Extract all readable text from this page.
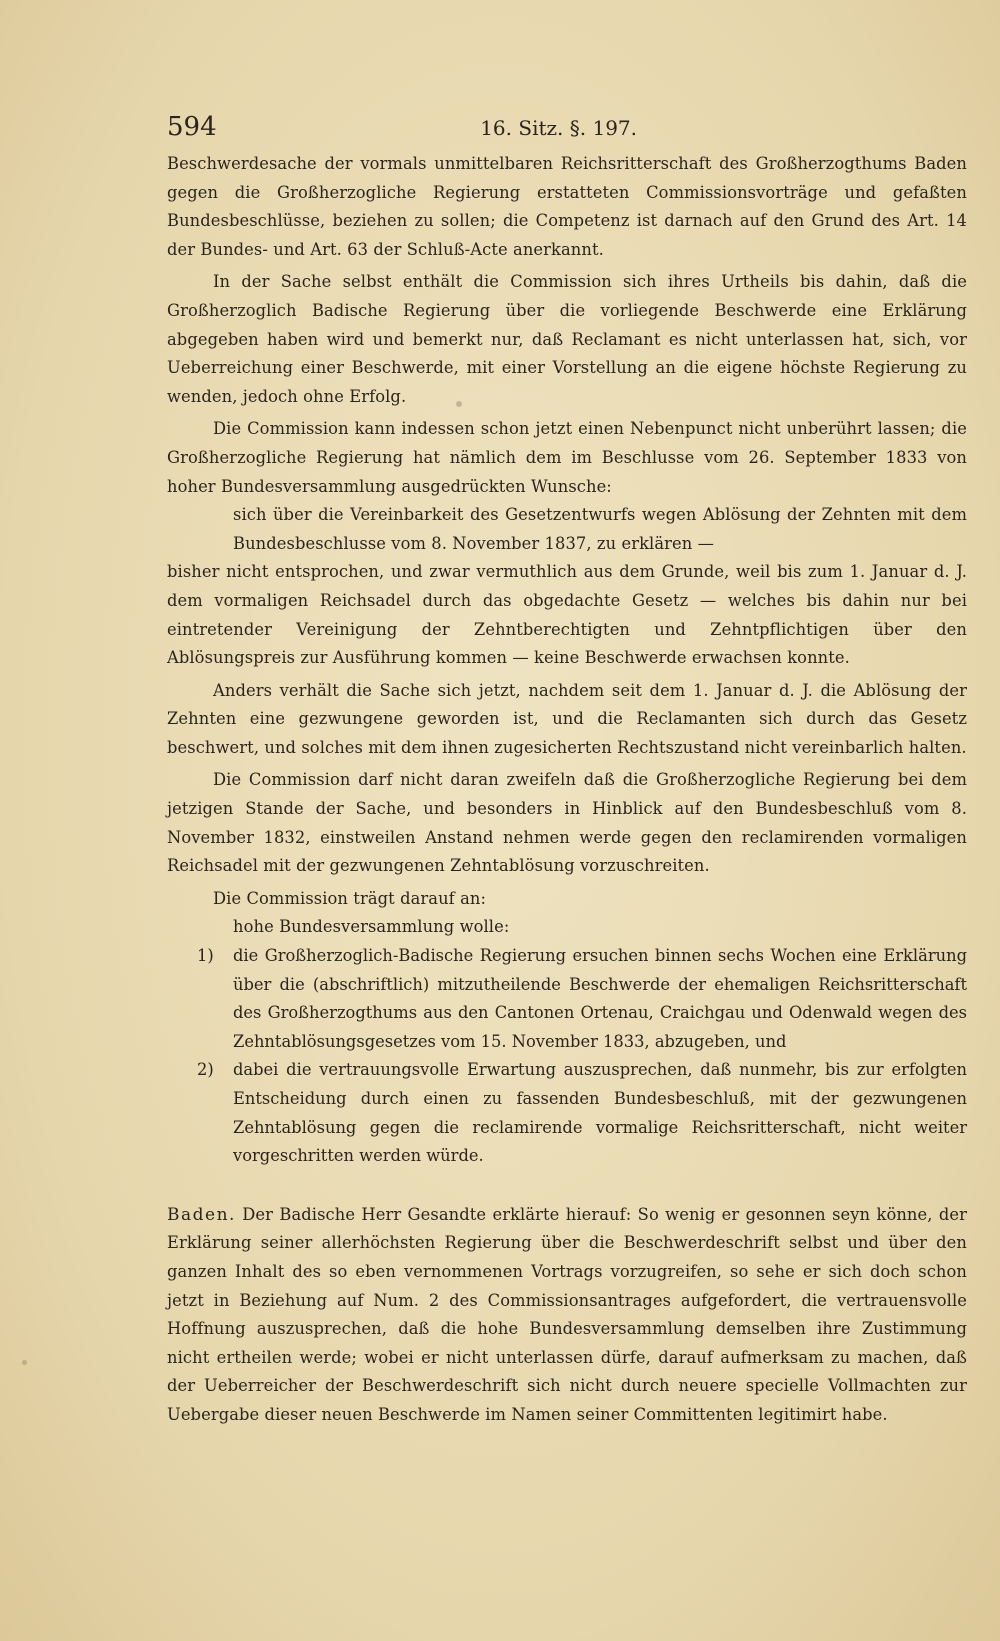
594	16. Sitz. §. 197.

Beschwerdesache der vormals unmittelbaren Reichsritterschaft des Großherzogthums Baden gegen die Großherzogliche Regierung erstatteten Commissionsvorträge und gefaßten Bundesbeschlüsse, beziehen zu sollen; die Competenz ist darnach auf den Grund des Art. 14 der Bundes- und Art. 63 der Schluß-Acte anerkannt.

In der Sache selbst enthält die Commission sich ihres Urtheils bis dahin, daß die Großherzoglich Badische Regierung über die vorliegende Beschwerde eine Erklärung abgegeben haben wird und bemerkt nur, daß Reclamant es nicht unterlassen hat, sich, vor Ueberreichung einer Beschwerde, mit einer Vorstellung an die eigene höchste Regierung zu wenden, jedoch ohne Erfolg.

Die Commission kann indessen schon jetzt einen Nebenpunct nicht unberührt lassen; die Großherzogliche Regierung hat nämlich dem im Beschlusse vom 26. September 1833 von hoher Bundesversammlung ausgedrückten Wunsche:

sich über die Vereinbarkeit des Gesetzentwurfs wegen Ablösung der Zehnten mit dem Bundesbeschlusse vom 8. November 1837, zu erklären —

bisher nicht entsprochen, und zwar vermuthlich aus dem Grunde, weil bis zum 1. Januar d. J. dem vormaligen Reichsadel durch das obgedachte Gesetz — welches bis dahin nur bei eintretender Vereinigung der Zehntberechtigten und Zehntpflichtigen über den Ablösungspreis zur Ausführung kommen — keine Beschwerde erwachsen konnte.

Anders verhält die Sache sich jetzt, nachdem seit dem 1. Januar d. J. die Ablösung der Zehnten eine gezwungene geworden ist, und die Reclamanten sich durch das Gesetz beschwert, und solches mit dem ihnen zugesicherten Rechtszustand nicht vereinbarlich halten.

Die Commission darf nicht daran zweifeln daß die Großherzogliche Regierung bei dem jetzigen Stande der Sache, und besonders in Hinblick auf den Bundesbeschluß vom 8. November 1832, einstweilen Anstand nehmen werde gegen den reclamirenden vormaligen Reichsadel mit der gezwungenen Zehntablösung vorzuschreiten.

Die Commission trägt darauf an:

hohe Bundesversammlung wolle:

1)	die Großherzoglich-Badische Regierung ersuchen binnen sechs Wochen eine Erklärung über die (abschriftlich) mitzutheilende Beschwerde der ehemaligen Reichsritterschaft des Großherzogthums aus den Cantonen Ortenau, Craichgau und Odenwald wegen des Zehntablösungsgesetzes vom 15. November 1833, abzugeben, und
2)	dabei die vertrauungsvolle Erwartung auszusprechen, daß nunmehr, bis zur erfolgten Entscheidung durch einen zu fassenden Bundesbeschluß, mit der gezwungenen Zehntablösung gegen die reclamirende vormalige Reichsritterschaft, nicht weiter vorgeschritten werden würde.

Baden. Der Badische Herr Gesandte erklärte hierauf: So wenig er gesonnen seyn könne, der Erklärung seiner allerhöchsten Regierung über die Beschwerdeschrift selbst und über den ganzen Inhalt des so eben vernommenen Vortrags vorzugreifen, so sehe er sich doch schon jetzt in Beziehung auf Num. 2 des Commissionsantrages aufgefordert, die vertrauensvolle Hoffnung auszusprechen, daß die hohe Bundesversammlung demselben ihre Zustimmung nicht ertheilen werde; wobei er nicht unterlassen dürfe, darauf aufmerksam zu machen, daß der Ueberreicher der Beschwerdeschrift sich nicht durch neuere specielle Vollmachten zur Uebergabe dieser neuen Beschwerde im Namen seiner Committenten legitimirt habe.
